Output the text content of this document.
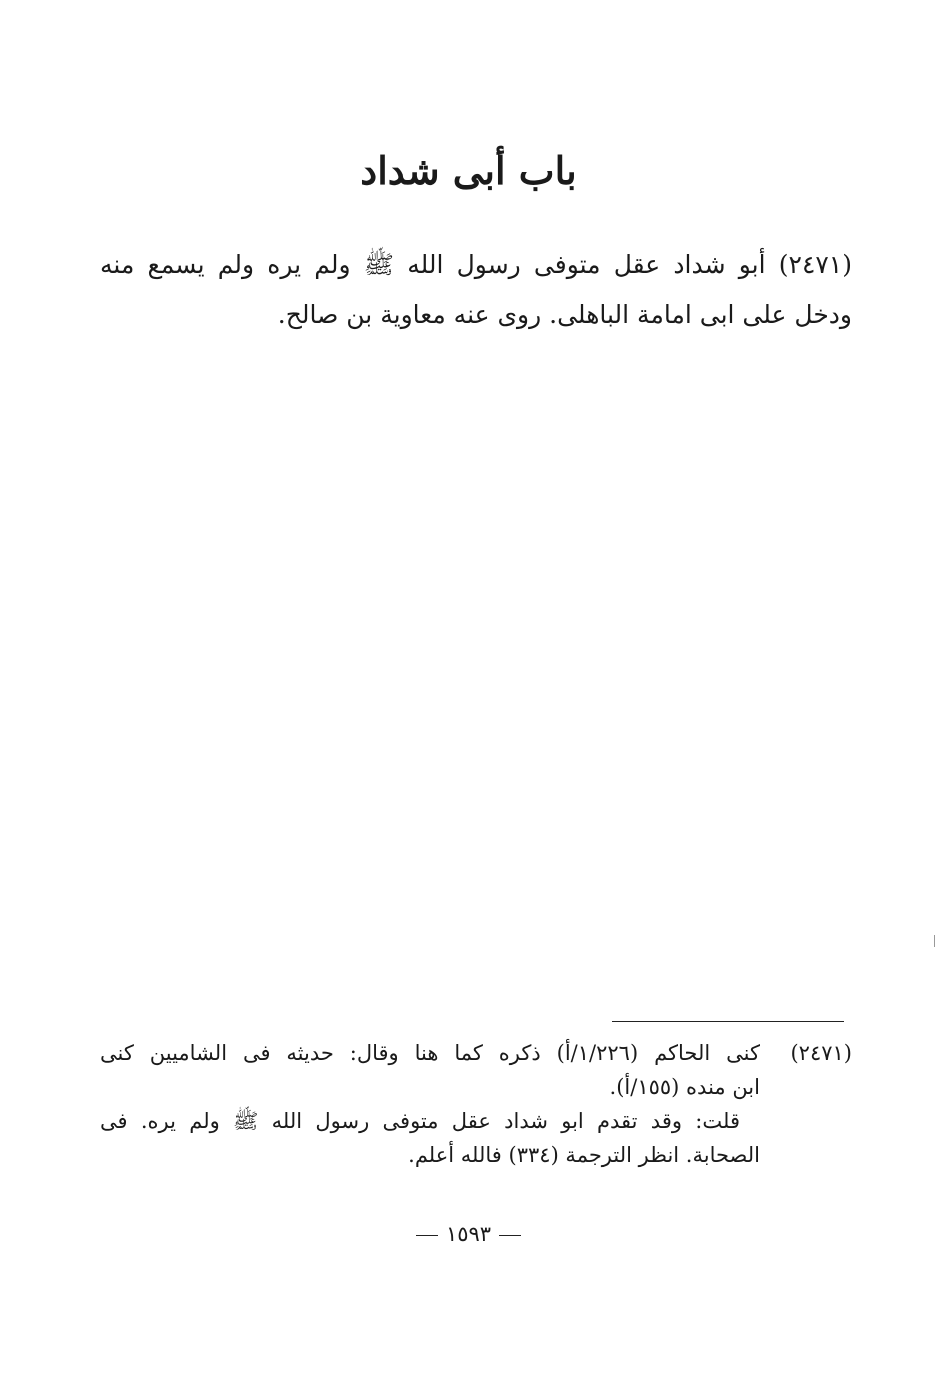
باب أبى شداد
(٢٤٧١) أبو شداد عقل متوفى رسول الله ﷺ ولم يره ولم يسمع منه
ودخل على ابى امامة الباهلى. روى عنه معاوية بن صالح.
(٢٤٧١)
كنى الحاكم (١/٢٢٦/أ) ذكره كما هنا وقال: حديثه فى الشاميين كنى
ابن منده (١٥٥/أ).
قلت: وقد تقدم ابو شداد عقل متوفى رسول الله ﷺ ولم يره. فى
الصحابة. انظر الترجمة (٣٣٤) فالله أعلم.
١٥٩٣
